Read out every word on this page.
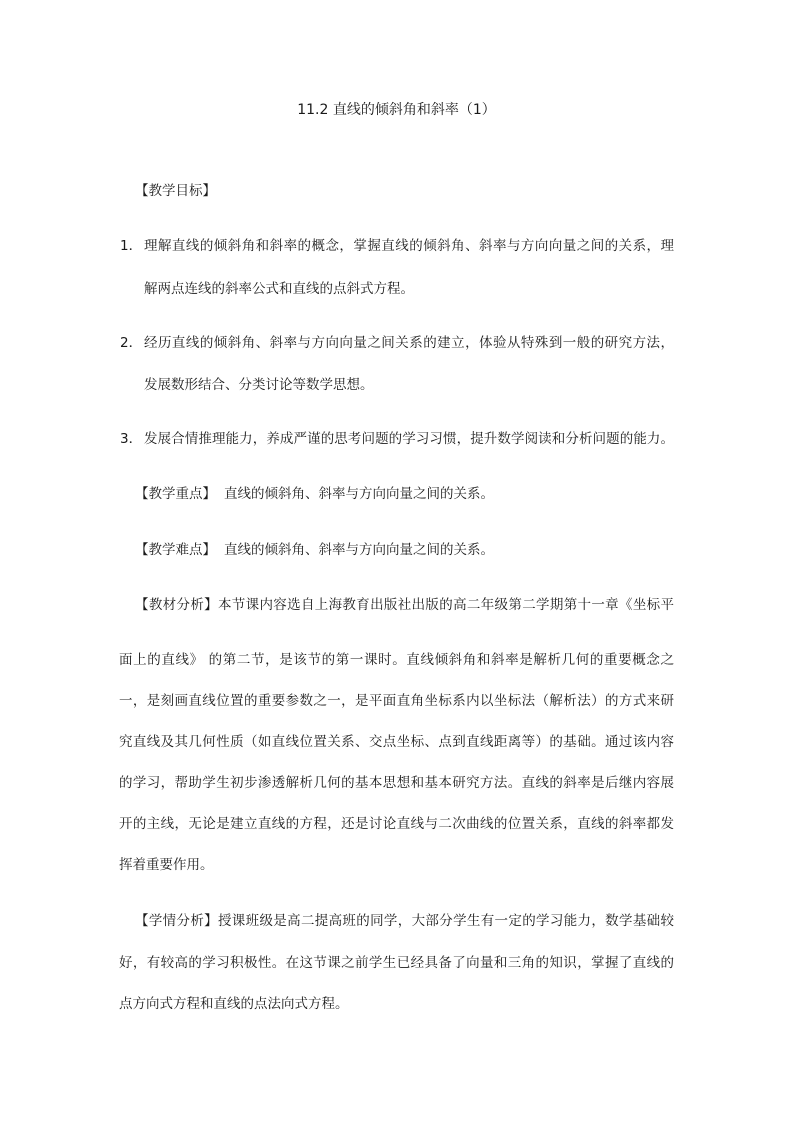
11.2 直线的倾斜角和斜率（1）
【教学目标】
1． 理解直线的倾斜角和斜率的概念，掌握直线的倾斜角、斜率与方向向量之间的关系，理
解两点连线的斜率公式和直线的点斜式方程。
2． 经历直线的倾斜角、斜率与方向向量之间关系的建立，体验从特殊到一般的研究方法，
发展数形结合、分类讨论等数学思想。
3． 发展合情推理能力，养成严谨的思考问题的学习习惯，提升数学阅读和分析问题的能力。
【教学重点】 直线的倾斜角、斜率与方向向量之间的关系。
【教学难点】 直线的倾斜角、斜率与方向向量之间的关系。
【教材分析】本节课内容选自上海教育出版社出版的高二年级第二学期第十一章《坐标平
面上的直线》 的第二节，是该节的第一课时。直线倾斜角和斜率是解析几何的重要概念之
一，是刻画直线位置的重要参数之一，是平面直角坐标系内以坐标法（解析法）的方式来研
究直线及其几何性质（如直线位置关系、交点坐标、点到直线距离等）的基础。通过该内容
的学习，帮助学生初步渗透解析几何的基本思想和基本研究方法。直线的斜率是后继内容展
开的主线，无论是建立直线的方程，还是讨论直线与二次曲线的位置关系，直线的斜率都发
挥着重要作用。
【学情分析】授课班级是高二提高班的同学，大部分学生有一定的学习能力，数学基础较
好，有较高的学习积极性。在这节课之前学生已经具备了向量和三角的知识，掌握了直线的
点方向式方程和直线的点法向式方程。
